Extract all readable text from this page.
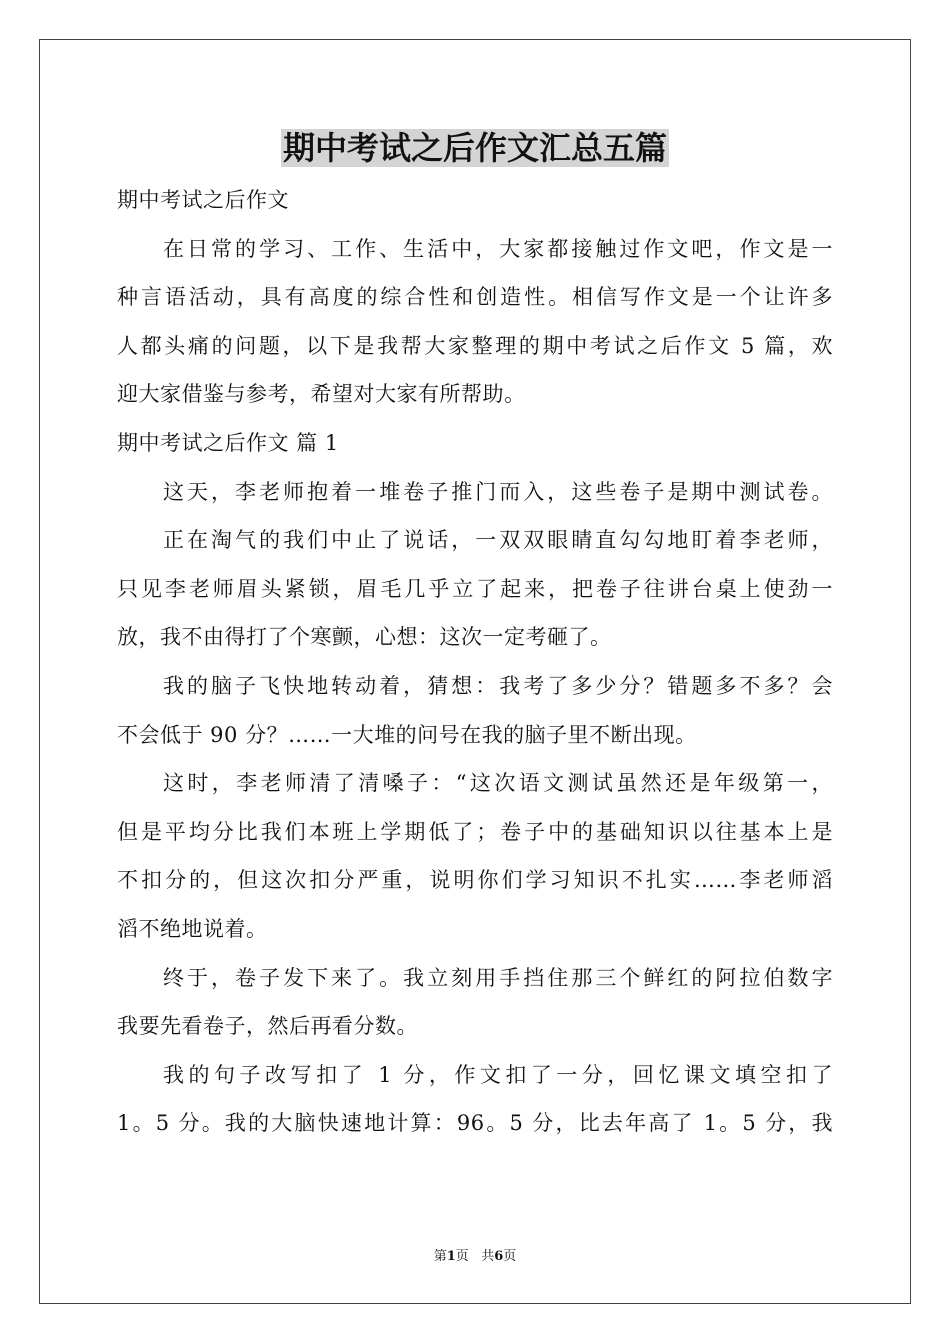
期中考试之后作文汇总五篇
期中考试之后作文
在日常的学习、工作、生活中，大家都接触过作文吧，作文是一
种言语活动，具有高度的综合性和创造性。相信写作文是一个让许多
人都头痛的问题，以下是我帮大家整理的期中考试之后作文 5 篇，欢
迎大家借鉴与参考，希望对大家有所帮助。
期中考试之后作文 篇 1
这天，李老师抱着一堆卷子推门而入，这些卷子是期中测试卷。
正在淘气的我们中止了说话，一双双眼睛直勾勾地盯着李老师，
只见李老师眉头紧锁，眉毛几乎立了起来，把卷子往讲台桌上使劲一
放，我不由得打了个寒颤，心想：这次一定考砸了。
我的脑子飞快地转动着，猜想：我考了多少分？错题多不多？会
不会低于 90 分？……一大堆的问号在我的脑子里不断出现。
这时，李老师清了清嗓子：“这次语文测试虽然还是年级第一，
但是平均分比我们本班上学期低了；卷子中的基础知识以往基本上是
不扣分的，但这次扣分严重，说明你们学习知识不扎实……李老师滔
滔不绝地说着。
终于，卷子发下来了。我立刻用手挡住那三个鲜红的阿拉伯数字
我要先看卷子，然后再看分数。
我的句子改写扣了 1 分，作文扣了一分，回忆课文填空扣了
1。5 分。我的大脑快速地计算：96。5 分，比去年高了 1。5 分，我
第1页 共6页
